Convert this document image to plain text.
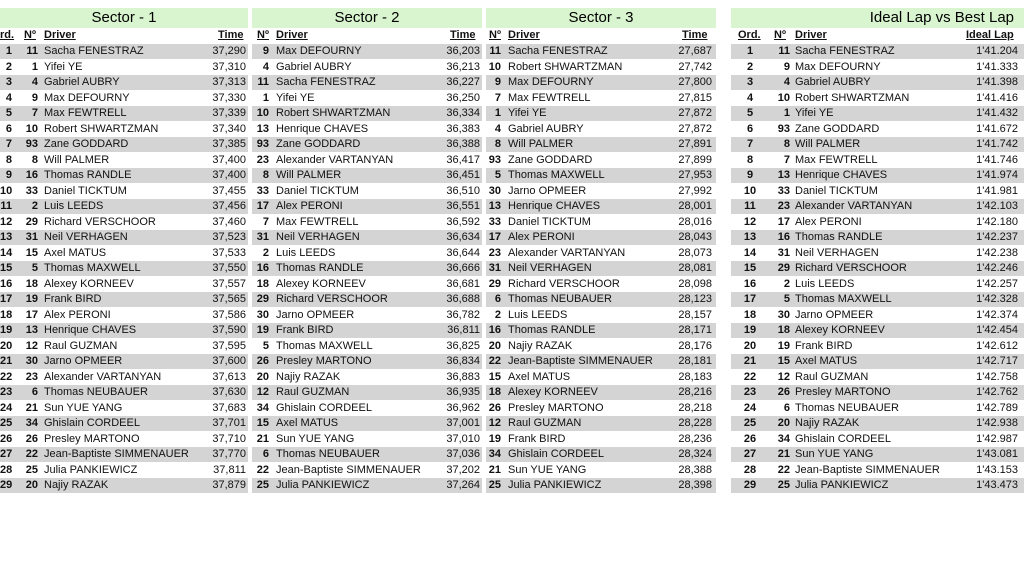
Sector - 1	Sector - 2	Sector - 3	Ideal Lap vs Best Lap
rd. Nº Driver	Time Nº Driver	Time Nº Driver	Time	Ord. Nº Driver	Ideal Lap
1	11 Sacha FENESTRAZ	37,290	9 Max DEFOURNY	36,203 11 Sacha FENESTRAZ	27,687	1	11 Sacha FENESTRAZ	1'41.204
2	1 Yifei YE	37,310	4 Gabriel AUBRY	36,213 10 Robert SHWARTZMAN	27,742	2	9 Max DEFOURNY	1'41.333
3	4 Gabriel AUBRY	37,313	11 Sacha FENESTRAZ	36,227	9 Max DEFOURNY	27,800	3	4 Gabriel AUBRY	1'41.398
4	9 Max DEFOURNY	37,330	1 Yifei YE	36,250	7 Max FEWTRELL	27,815	4	10 Robert SHWARTZMAN	1'41.416
5	7 Max FEWTRELL	37,339 10 Robert SHWARTZMAN	36,334	1 Yifei YE	27,872	5	1 Yifei YE	1'41.432
6	10 Robert SHWARTZMAN	37,340 13 Henrique CHAVES	36,383	4 Gabriel AUBRY	27,872	6	93 Zane GODDARD	1'41.672
7	93 Zane GODDARD	37,385 93 Zane GODDARD	36,388	8 Will PALMER	27,891	7	8 Will PALMER	1'41.742
8	8 Will PALMER	37,400 23 Alexander VARTANYAN	36,417 93 Zane GODDARD	27,899	8	7 Max FEWTRELL	1'41.746
9	16 Thomas RANDLE	37,400	8 Will PALMER	36,451	5 Thomas MAXWELL	27,953	9	13 Henrique CHAVES	1'41.974
10	33 Daniel TICKTUM	37,455 33 Daniel TICKTUM	36,510 30 Jarno OPMEER	27,992	10	33 Daniel TICKTUM	1'41.981
11	2 Luis LEEDS	37,456 17 Alex PERONI	36,551 13 Henrique CHAVES	28,001	11	23 Alexander VARTANYAN	1'42.103
12	29 Richard VERSCHOOR	37,460	7 Max FEWTRELL	36,592 33 Daniel TICKTUM	28,016	12	17 Alex PERONI	1'42.180
13	31 Neil VERHAGEN	37,523 31 Neil VERHAGEN	36,634 17 Alex PERONI	28,043	13	16 Thomas RANDLE	1'42.237
14	15 Axel MATUS	37,533	2 Luis LEEDS	36,644 23 Alexander VARTANYAN	28,073	14	31 Neil VERHAGEN	1'42.238
15	5 Thomas MAXWELL	37,550 16 Thomas RANDLE	36,666 31 Neil VERHAGEN	28,081	15	29 Richard VERSCHOOR	1'42.246
16	18 Alexey KORNEEV	37,557 18 Alexey KORNEEV	36,681 29 Richard VERSCHOOR	28,098	16	2 Luis LEEDS	1'42.257
17	19 Frank BIRD	37,565 29 Richard VERSCHOOR	36,688	6 Thomas NEUBAUER	28,123	17	5 Thomas MAXWELL	1'42.328
18	17 Alex PERONI	37,586 30 Jarno OPMEER	36,782	2 Luis LEEDS	28,157	18	30 Jarno OPMEER	1'42.374
19	13 Henrique CHAVES	37,590 19 Frank BIRD	36,811 16 Thomas RANDLE	28,171	19	18 Alexey KORNEEV	1'42.454
20	12 Raul GUZMAN	37,595	5 Thomas MAXWELL	36,825 20 Najiy RAZAK	28,176	20	19 Frank BIRD	1'42.612
21	30 Jarno OPMEER	37,600 26 Presley MARTONO	36,834 22 Jean-Baptiste SIMMENAUER	28,181	21	15 Axel MATUS	1'42.717
22	23 Alexander VARTANYAN	37,613 20 Najiy RAZAK	36,883 15 Axel MATUS	28,183	22	12 Raul GUZMAN	1'42.758
23	6 Thomas NEUBAUER	37,630 12 Raul GUZMAN	36,935 18 Alexey KORNEEV	28,216	23	26 Presley MARTONO	1'42.762
24	21 Sun YUE YANG	37,683 34 Ghislain CORDEEL	36,962 26 Presley MARTONO	28,218	24	6 Thomas NEUBAUER	1'42.789
25	34 Ghislain CORDEEL	37,701 15 Axel MATUS	37,001 12 Raul GUZMAN	28,228	25	20 Najiy RAZAK	1'42.938
26	26 Presley MARTONO	37,710 21 Sun YUE YANG	37,010 19 Frank BIRD	28,236	26	34 Ghislain CORDEEL	1'42.987
27	22 Jean-Baptiste SIMMENAUER	37,770	6 Thomas NEUBAUER	37,036 34 Ghislain CORDEEL	28,324	27	21 Sun YUE YANG	1'43.081
28	25 Julia PANKIEWICZ	37,811 22 Jean-Baptiste SIMMENAUER	37,202 21 Sun YUE YANG	28,388	28	22 Jean-Baptiste SIMMENAUER	1'43.153
29	20 Najiy RAZAK	37,879 25 Julia PANKIEWICZ	37,264 25 Julia PANKIEWICZ	28,398	29	25 Julia PANKIEWICZ	1'43.473
